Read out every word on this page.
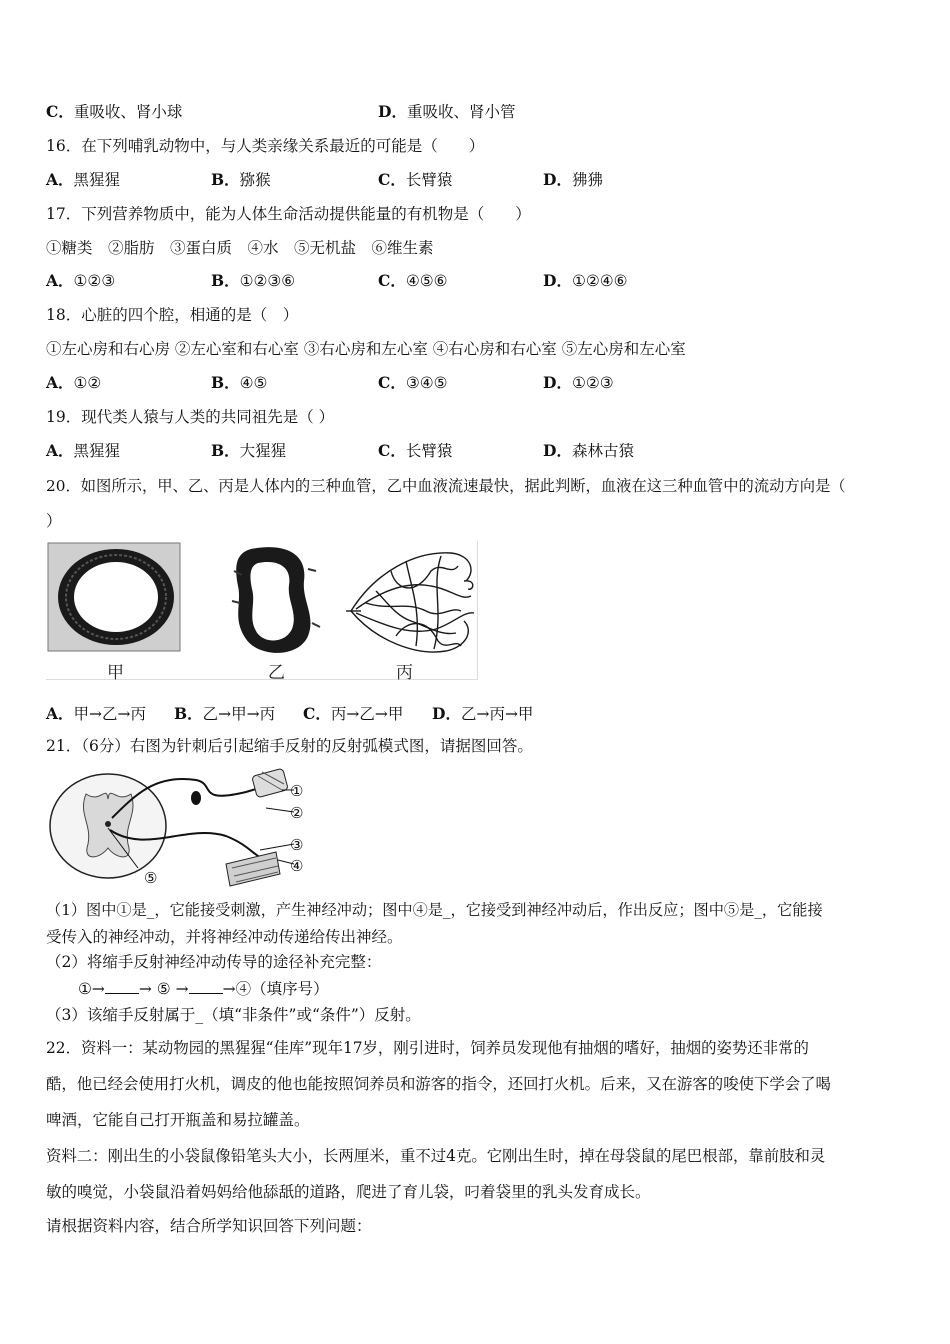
C．重吸收、肾小球	D．重吸收、肾小管
16．在下列哺乳动物中，与人类亲缘关系最近的可能是（　　）
A．黑猩猩	B．猕猴	C．长臂猿	D．狒狒
17．下列营养物质中，能为人体生命活动提供能量的有机物是（　　）
①糖类　②脂肪　③蛋白质　④水　⑤无机盐　⑥维生素
A．①②③	B．①②③⑥	C．④⑤⑥	D．①②④⑥
18．心脏的四个腔，相通的是（　）
①左心房和右心房 ②左心室和右心室 ③右心房和左心室 ④右心房和右心室 ⑤左心房和左心室
A．①②	B．④⑤	C．③④⑤	D．①②③
19．现代类人猿与人类的共同祖先是（ ）
A．黑猩猩	B．大猩猩	C．长臂猿	D．森林古猿
20．如图所示，甲、乙、丙是人体内的三种血管，乙中血液流速最快，据此判断，血液在这三种血管中的流动方向是（
）
甲	乙	丙
A．甲→乙→丙 B．乙→甲→丙 C．丙→乙→甲 D．乙→丙→甲
21．（6分）右图为针刺后引起缩手反射的反射弧模式图，请据图回答。
①
②
③
④
⑤
（1）图中①是_，它能接受刺激，产生神经冲动；图中④是_，它接受到神经冲动后，作出反应；图中⑤是_，它能接
受传入的神经冲动，并将神经冲动传递给传出神经。
（2）将缩手反射神经冲动传导的途径补充完整：
①→ → ⑤ → →④（填序号）
（3）该缩手反射属于_（填“非条件”或“条件”）反射。
22．资料一：某动物园的黑猩猩“佳库”现年17岁，刚引进时，饲养员发现他有抽烟的嗜好，抽烟的姿势还非常的
酷，他已经会使用打火机，调皮的他也能按照饲养员和游客的指令，还回打火机。后来，又在游客的唆使下学会了喝
啤酒，它能自己打开瓶盖和易拉罐盖。
资料二：刚出生的小袋鼠像铅笔头大小，长两厘米，重不过4克。它刚出生时，掉在母袋鼠的尾巴根部，靠前肢和灵
敏的嗅觉，小袋鼠沿着妈妈给他舔舐的道路，爬进了育儿袋，叼着袋里的乳头发育成长。
请根据资料内容，结合所学知识回答下列问题：
